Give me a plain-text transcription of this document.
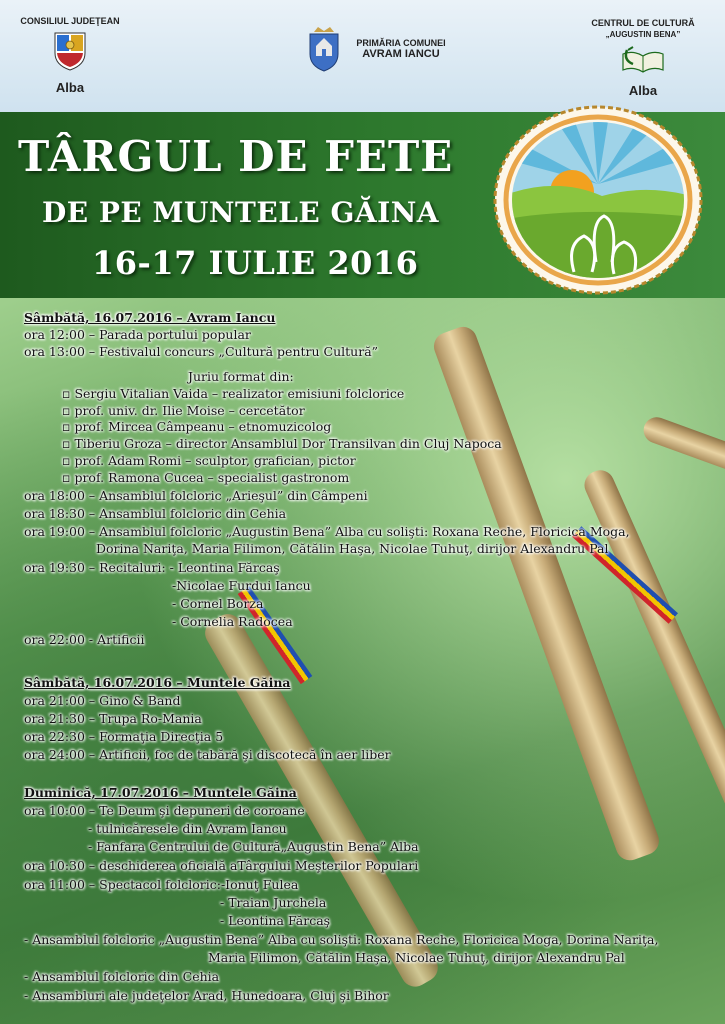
CONSILIUL JUDEŢEAN
Alba
PRIMĂRIA COMUNEI
AVRAM IANCU
CENTRUL DE CULTURĂ
„AUGUSTIN BENA”
Alba
TÂRGUL DE FETE
DE PE MUNTELE GĂINA
16-17 IULIE 2016
Sâmbătă, 16.07.2016 – Avram Iancu
ora 12:00 – Parada portului popular
ora 13:00 – Festivalul concurs „Cultură pentru Cultură”
Juriu format din:
▫ Sergiu Vitalian Vaida – realizator emisiuni folclorice
▫ prof. univ. dr. Ilie Moise – cercetător
▫ prof. Mircea Câmpeanu – etnomuzicolog
▫ Tiberiu Groza – director Ansamblul Dor Transilvan din Cluj Napoca
▫ prof. Adam Romi – sculptor, grafician, pictor
▫ prof. Ramona Cucea – specialist gastronom
ora 18:00 – Ansamblul folcloric „Arieşul” din Câmpeni
ora 18:30 – Ansamblul folcloric din Cehia
ora 19:00 – Ansamblul folcloric „Augustin Bena” Alba cu solişti: Roxana Reche, Floricica Moga,
Dorina Nariţa, Maria Filimon, Cătălin Haşa, Nicolae Tuhuţ, dirijor Alexandru Pal
ora 19:30 – Recitaluri: - Leontina Fărcaş
-Nicolae Furdui Iancu
- Cornel Borza
- Cornelia Radocea
ora 22:00 - Artificii
Sâmbătă, 16.07.2016 – Muntele Găina
ora 21:00 – Gino & Band
ora 21:30 – Trupa Ro-Mania
ora 22:30 – Formaţia Direcţia 5
ora 24:00 – Artificii, foc de tabără şi discotecă în aer liber
Duminică, 17.07.2016 – Muntele Găina
ora 10:00 – Te Deum şi depuneri de coroane
- tulnicăresele din Avram Iancu
- Fanfara Centrului de Cultură„Augustin Bena” Alba
ora 10:30 – deschiderea oficială aTârgului Meşterilor Populari
ora 11:00 – Spectacol folcloric:-Ionuţ Fulea
- Traian Jurchela
- Leontina Fărcaş
- Ansamblul folcloric „Augustin Bena” Alba cu solişti: Roxana Reche, Floricica Moga, Dorina Nariţa,
Maria Filimon, Cătălin Haşa, Nicolae Tuhuţ, dirijor Alexandru Pal
- Ansamblul folcloric din Cehia
- Ansambluri ale judeţelor Arad, Hunedoara, Cluj şi Bihor
